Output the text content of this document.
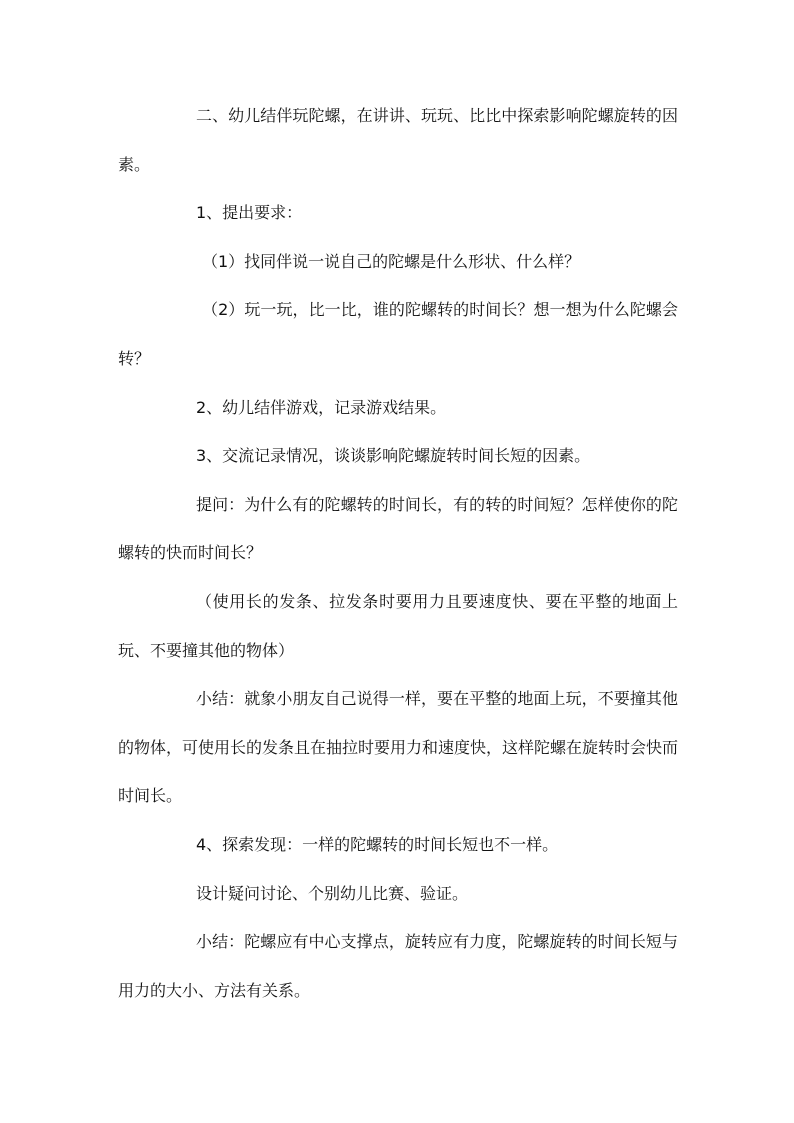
二、幼儿结伴玩陀螺，在讲讲、玩玩、比比中探索影响陀螺旋转的因素。

1、提出要求：

（1）找同伴说一说自己的陀螺是什么形状、什么样？

（2）玩一玩，比一比，谁的陀螺转的时间长？想一想为什么陀螺会转？

2、幼儿结伴游戏，记录游戏结果。

3、交流记录情况，谈谈影响陀螺旋转时间长短的因素。

提问：为什么有的陀螺转的时间长，有的转的时间短？怎样使你的陀螺转的快而时间长？

（使用长的发条、拉发条时要用力且要速度快、要在平整的地面上玩、不要撞其他的物体）

小结：就象小朋友自己说得一样，要在平整的地面上玩，不要撞其他的物体，可使用长的发条且在抽拉时要用力和速度快，这样陀螺在旋转时会快而时间长。

4、探索发现：一样的陀螺转的时间长短也不一样。

设计疑问讨论、个别幼儿比赛、验证。

小结：陀螺应有中心支撑点，旋转应有力度，陀螺旋转的时间长短与用力的大小、方法有关系。
